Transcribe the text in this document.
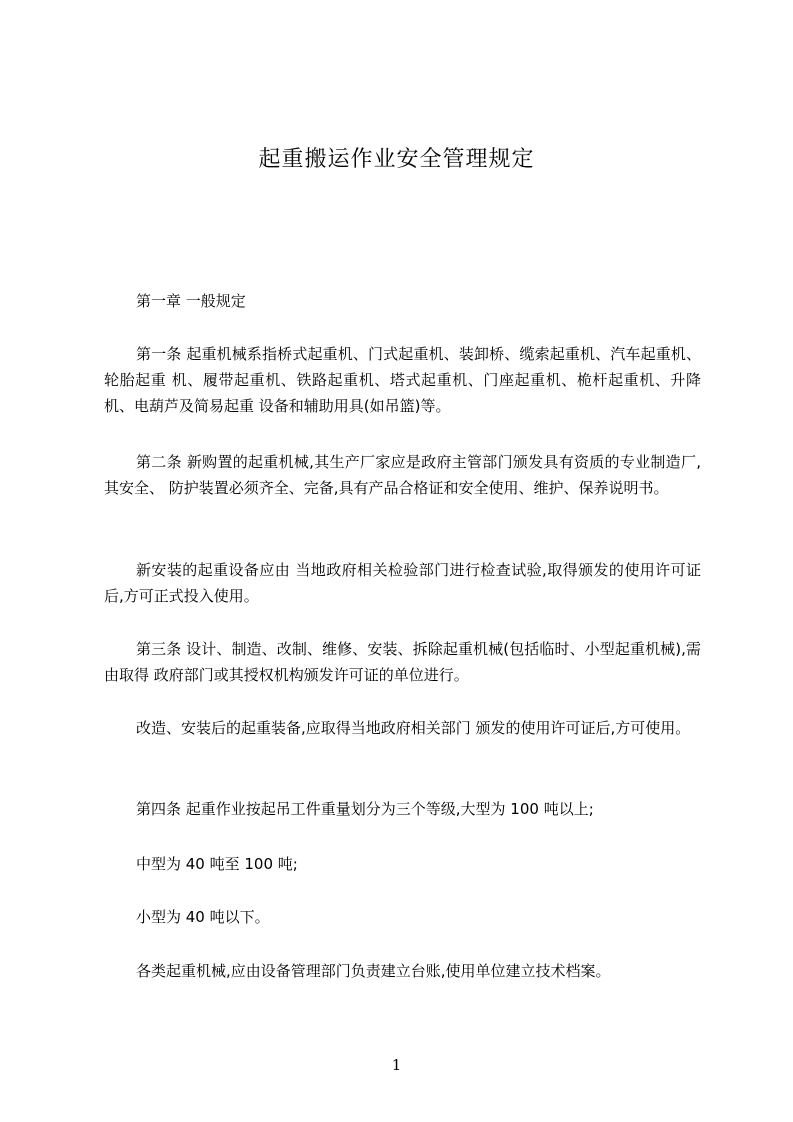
起重搬运作业安全管理规定

第一章 一般规定

第一条 起重机械系指桥式起重机、门式起重机、装卸桥、缆索起重机、汽车起重机、轮胎起重 机、履带起重机、铁路起重机、塔式起重机、门座起重机、桅杆起重机、升降机、电葫芦及简易起重 设备和辅助用具(如吊篮)等。

第二条 新购置的起重机械,其生产厂家应是政府主管部门颁发具有资质的专业制造厂,其安全、 防护装置必须齐全、完备,具有产品合格证和安全使用、维护、保养说明书。

新安装的起重设备应由 当地政府相关检验部门进行检查试验,取得颁发的使用许可证后,方可正式投入使用。

第三条 设计、制造、改制、维修、安装、拆除起重机械(包括临时、小型起重机械),需由取得 政府部门或其授权机构颁发许可证的单位进行。

改造、安装后的起重装备,应取得当地政府相关部门 颁发的使用许可证后,方可使用。

第四条 起重作业按起吊工件重量划分为三个等级,大型为 100 吨以上;

中型为 40 吨至 100 吨;

小型为 40 吨以下。

各类起重机械,应由设备管理部门负责建立台账,使用单位建立技术档案。

1
